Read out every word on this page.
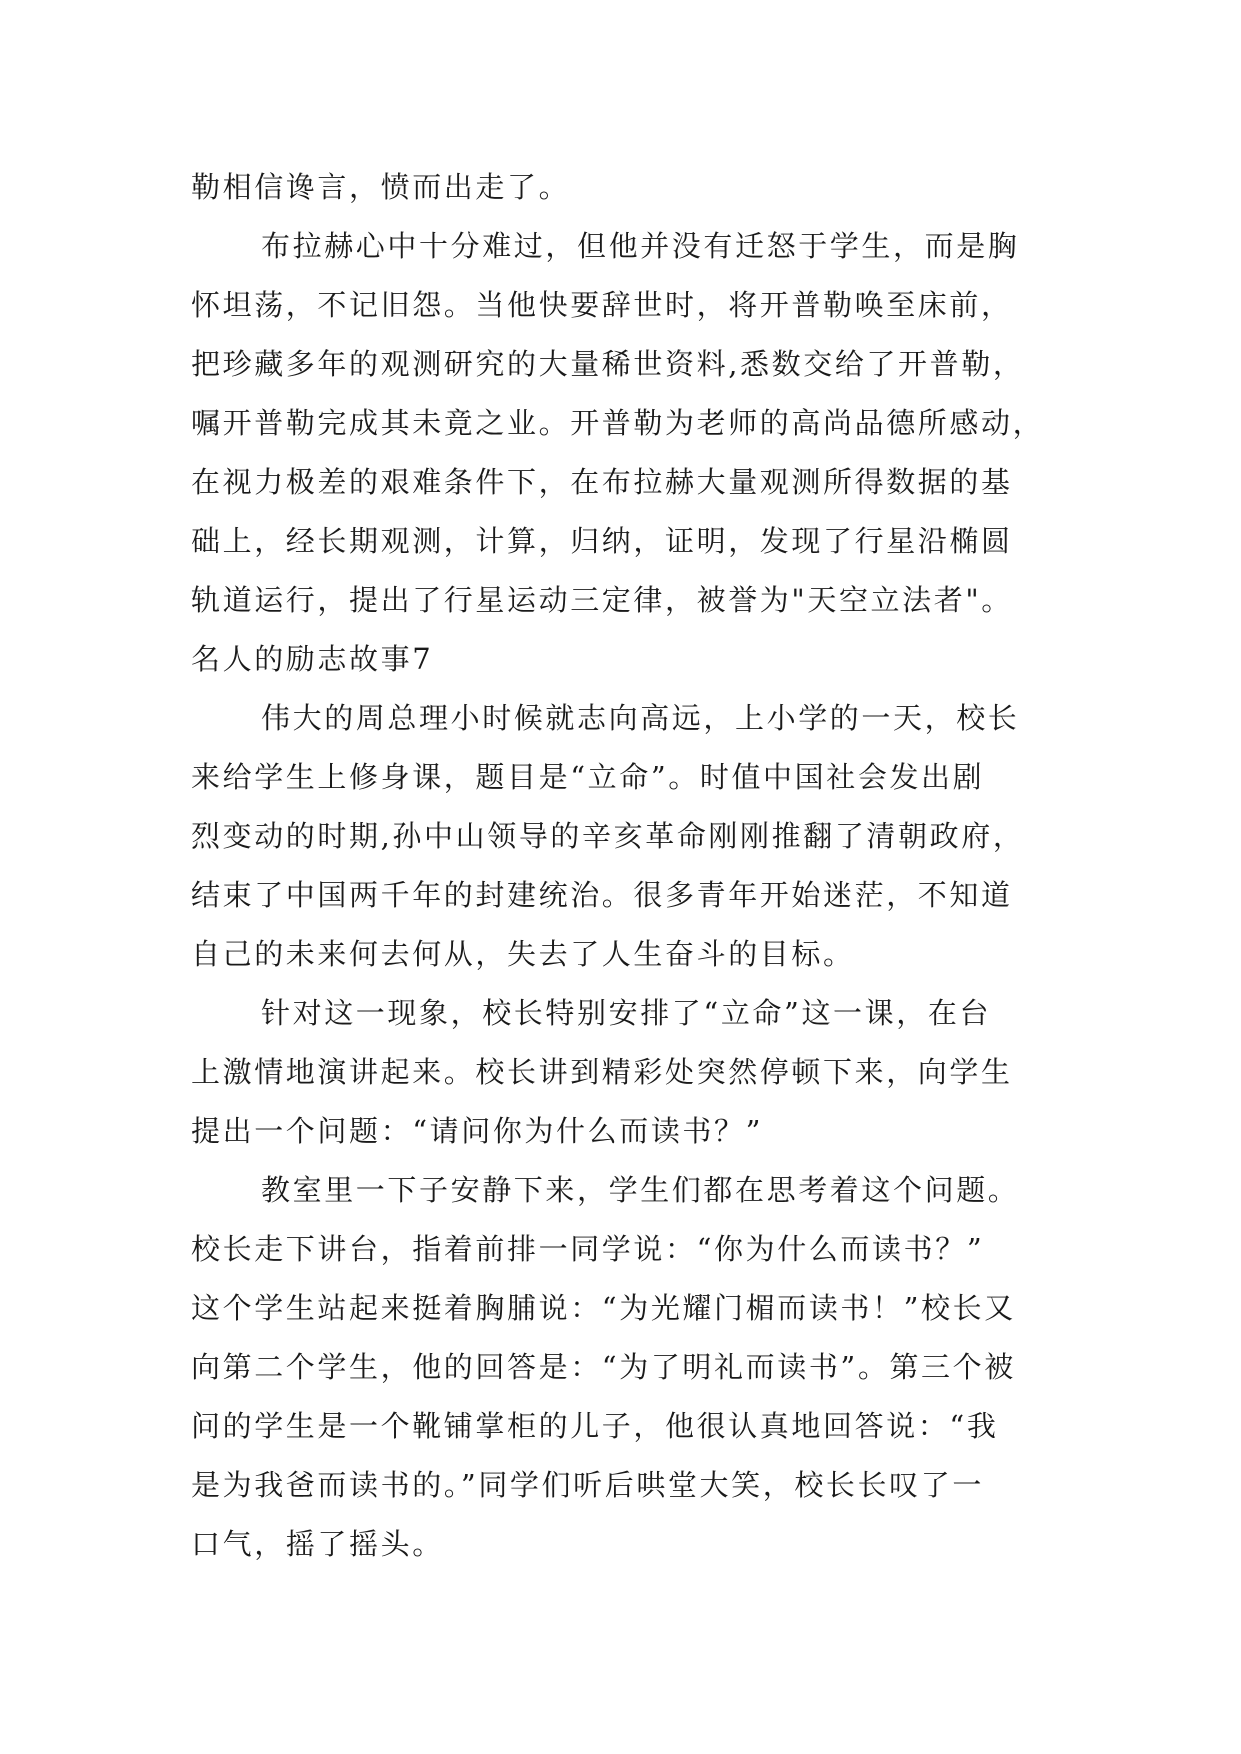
勒相信谗言，愤而出走了。
布拉赫心中十分难过，但他并没有迁怒于学生，而是胸
怀坦荡，不记旧怨。当他快要辞世时，将开普勒唤至床前，
把珍藏多年的观测研究的大量稀世资料,悉数交给了开普勒，
嘱开普勒完成其未竟之业。开普勒为老师的高尚品德所感动，
在视力极差的艰难条件下，在布拉赫大量观测所得数据的基
础上，经长期观测，计算，归纳，证明，发现了行星沿椭圆
轨道运行，提出了行星运动三定律，被誉为"天空立法者"。
名人的励志故事7
伟大的周总理小时候就志向高远，上小学的一天，校长
来给学生上修身课，题目是“立命”。时值中国社会发出剧
烈变动的时期,孙中山领导的辛亥革命刚刚推翻了清朝政府，
结束了中国两千年的封建统治。很多青年开始迷茫，不知道
自己的未来何去何从，失去了人生奋斗的目标。
针对这一现象，校长特别安排了“立命”这一课，在台
上激情地演讲起来。校长讲到精彩处突然停顿下来，向学生
提出一个问题：“请问你为什么而读书？”
教室里一下子安静下来，学生们都在思考着这个问题。
校长走下讲台，指着前排一同学说：“你为什么而读书？”
这个学生站起来挺着胸脯说：“为光耀门楣而读书！”校长又
向第二个学生，他的回答是：“为了明礼而读书”。第三个被
问的学生是一个靴铺掌柜的儿子，他很认真地回答说：“我
是为我爸而读书的。”同学们听后哄堂大笑，校长长叹了一
口气，摇了摇头。
